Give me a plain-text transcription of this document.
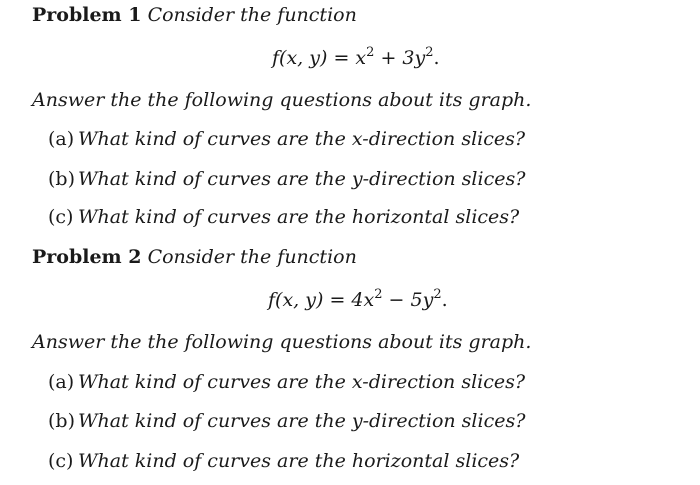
Problem 1 Consider the function
f(x, $y) = x^2 + 3y^2$.
Answer the the following questions about its graph.
(a) What kind of curves are the x-direction slices?
(b) What kind of curves are the y-direction slices?
(c) What kind of curves are the horizontal slices?
Problem 2 Consider the function
f(x, $y) = 4x^2 - 5y^2$.
Answer the the following questions about its graph.
(a) What kind of curves are the x-direction slices?
(b) What kind of curves are the y-direction slices?
(c) What kind of curves are the horizontal slices?
